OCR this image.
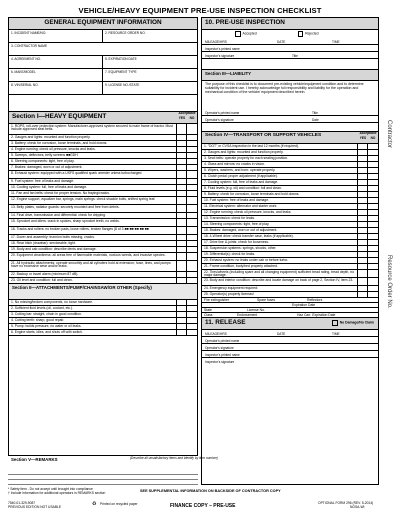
VEHICLE/HEAVY EQUIPMENT PRE-USE INSPECTION CHECKLIST
GENERAL EQUIPMENT INFORMATION
1. INCIDENT NAME/NO.	2. RESOURCE ORDER NO.
3. CONTRACTOR NAME
4. AGREEMENT NO.	5. EXPIRATION DATE
6. MAKE/MODEL	7. EQUIPMENT TYPE
8. VIN/SERIAL NO.	9. LICENSE NO./STATE
Section I—HEAVY EQUIPMENT	Acceptable
YES	NO
1. ROPS, roll-over protection system: Manufacturer-approved system secured to main frame of tractor. Must include approved seat belts.
2. Gauges and lights: mounted and function properly.
3. Battery: check for corrosion, loose terminals, and hold downs.
4. Engine running: check oil pressure, knocks and leaks.
5. Sweeps, deflectors, belly screens ■■GDH
6. Steering components: tight, free of play.
7. Brakes: damaged, worn or out of adjustment.
8. Exhaust system: equipped with a USFS qualified spark arrester unless turbocharged.
9. Fuel system: free of leaks and damage.
10. Cooling system: full, free of leaks and damage.
11. Fan and fan belts: check for proper tension. No fraying/cracks.
12. Engine support, equalizer bar, springs, main springs: check shackle bolts, shifted spring leaf.
13. Belly plates, radiator guards: securely mounted and free from debris.
14. Final drive, transmission and differential: check for dripping.
15. Sprocket and idlers: crack in spokes, sharp sprocket teeth, no welds.
16. Tracks and rollers: no broken pads, loose rollers, broken flanges (8 of 3 ■■ ■■ ■■ ■■ ■■
17. Dozer and assembly: trunnion bolts missing, cracks.
18. Rear hitch (drawbar): serviceable, tight.
19. Body and cab condition: describe dents and damage.
20. Equipment cleanliness: all areas free of flammable materials, noxious weeds, and invasive species.
21. All hydraulic attachments: operate smoothly and all cylinders hold at extension; hose, lines, and pumps have no excessive wear and/or leaks.
22. Backup or travel alarm (minimum 87 dB).
23. Oil level and condition: full and clean.
Section II—ATTACHMENTS/PUMP/CHAINSAW/OR OTHER (Specify)
1. No missing/broken components, no loose hardware.
2. Sufficient fluid levels (oil, coolant, etc.).
3. Cutting bar: straight, chain in good condition.
4. Cutting teeth: sharp, good repair.
5. Pump: builds pressure, no water or oil leaks.
6. Engine starts, idles, and shuts off with switch.
10. PRE-USE INSPECTION
Accepted	Rejected
MILEAGE/HRS	DATE	TIME
Inspector's printed name
Inspector's signature	Title
Section III—LIABILITY
The purpose of this checklist is to document pre-existing vehicle/equipment condition and to determine suitability for incident use. I hereby acknowledge full responsibility and liability for the operation and mechanical condition of the vehicle/ equipment described herein.
Operator's printed name	Title
Operator's signature	Date
Section IV—TRANSPORT OR SUPPORT VEHICLES	Acceptable
YES	NO
1. "DOT" or CVSA inspection in the last 12 months (if required).
2. Gauges and lights: mounted and function properly.
3. Seat belts: operate properly for each seating position.
4. Glass and mirrors: no cracks in vision.
5. Wipers, washers, and horn: operate properly.
6. Clutch pedal: proper adjustment (if applicable).
7. Cooling system: full, free of leaks and damage.
8. Fluid levels (e.g. oil) and condition: full and clean.
9. Battery: check for corrosion, loose terminals and hold downs.
10. Fuel system: free of leaks and damage.
11. Electrical system: alternator and starter work.
12. Engine running: check oil pressure, knocks, and leaks.
13. Transmission: check for leaks.
14. Steering components: tight, free of play.
15. Brakes: damaged, worn or out of adjustment.
16. 4-Wheel drive: check transfer case, leaks (if applicable).
17. Drive line U-joints: check for looseness.
18. Suspension systems: springs, shocks, other.
19. Differential(s): check for leaks.
20. Exhaust system: no leaks under cab or before turbo.
21. Frame condition, body/bed properly attached.
22. Tires/wheels (including spare and all changing equipment) sufficient tread rating, tread depth, no major damage.
23. Body and interior condition: describe and locate damage on back of page 2, Section IV, item 23.
24. Emergency equipment required:
25. Operator(s) properly licensed
Fire extinguisher	Spare fuses	Reflectors
Expiration Date
State	License No.
Class	Endorsement	Haz Carr. Expiration Date
11. RELEASE	No Damage/No Claim
MILEAGE/HRS	DATE	TIME
Operator's printed name
Operator's signature
Inspector's printed name
Inspector's signature
Section V—REMARKS	(Describe all unsatisfactory items and identify by item number)
Contractor
Resource Order No.
* Safety item - Do not accept until brought into compliance
† Include information for additional operators in REMARKS section	SEE SUPPLEMENTAL INFORMATION ON BACKSIDE OF CONTRACTOR COPY
7540-01-329-9087
PREVIOUS EDITION NOT USABLE	♻ Printed on recycled paper	FINANCE COPY – PRE-USE	OPTIONAL FORM 296 (REV. 5-2014)
NGSA-WI
